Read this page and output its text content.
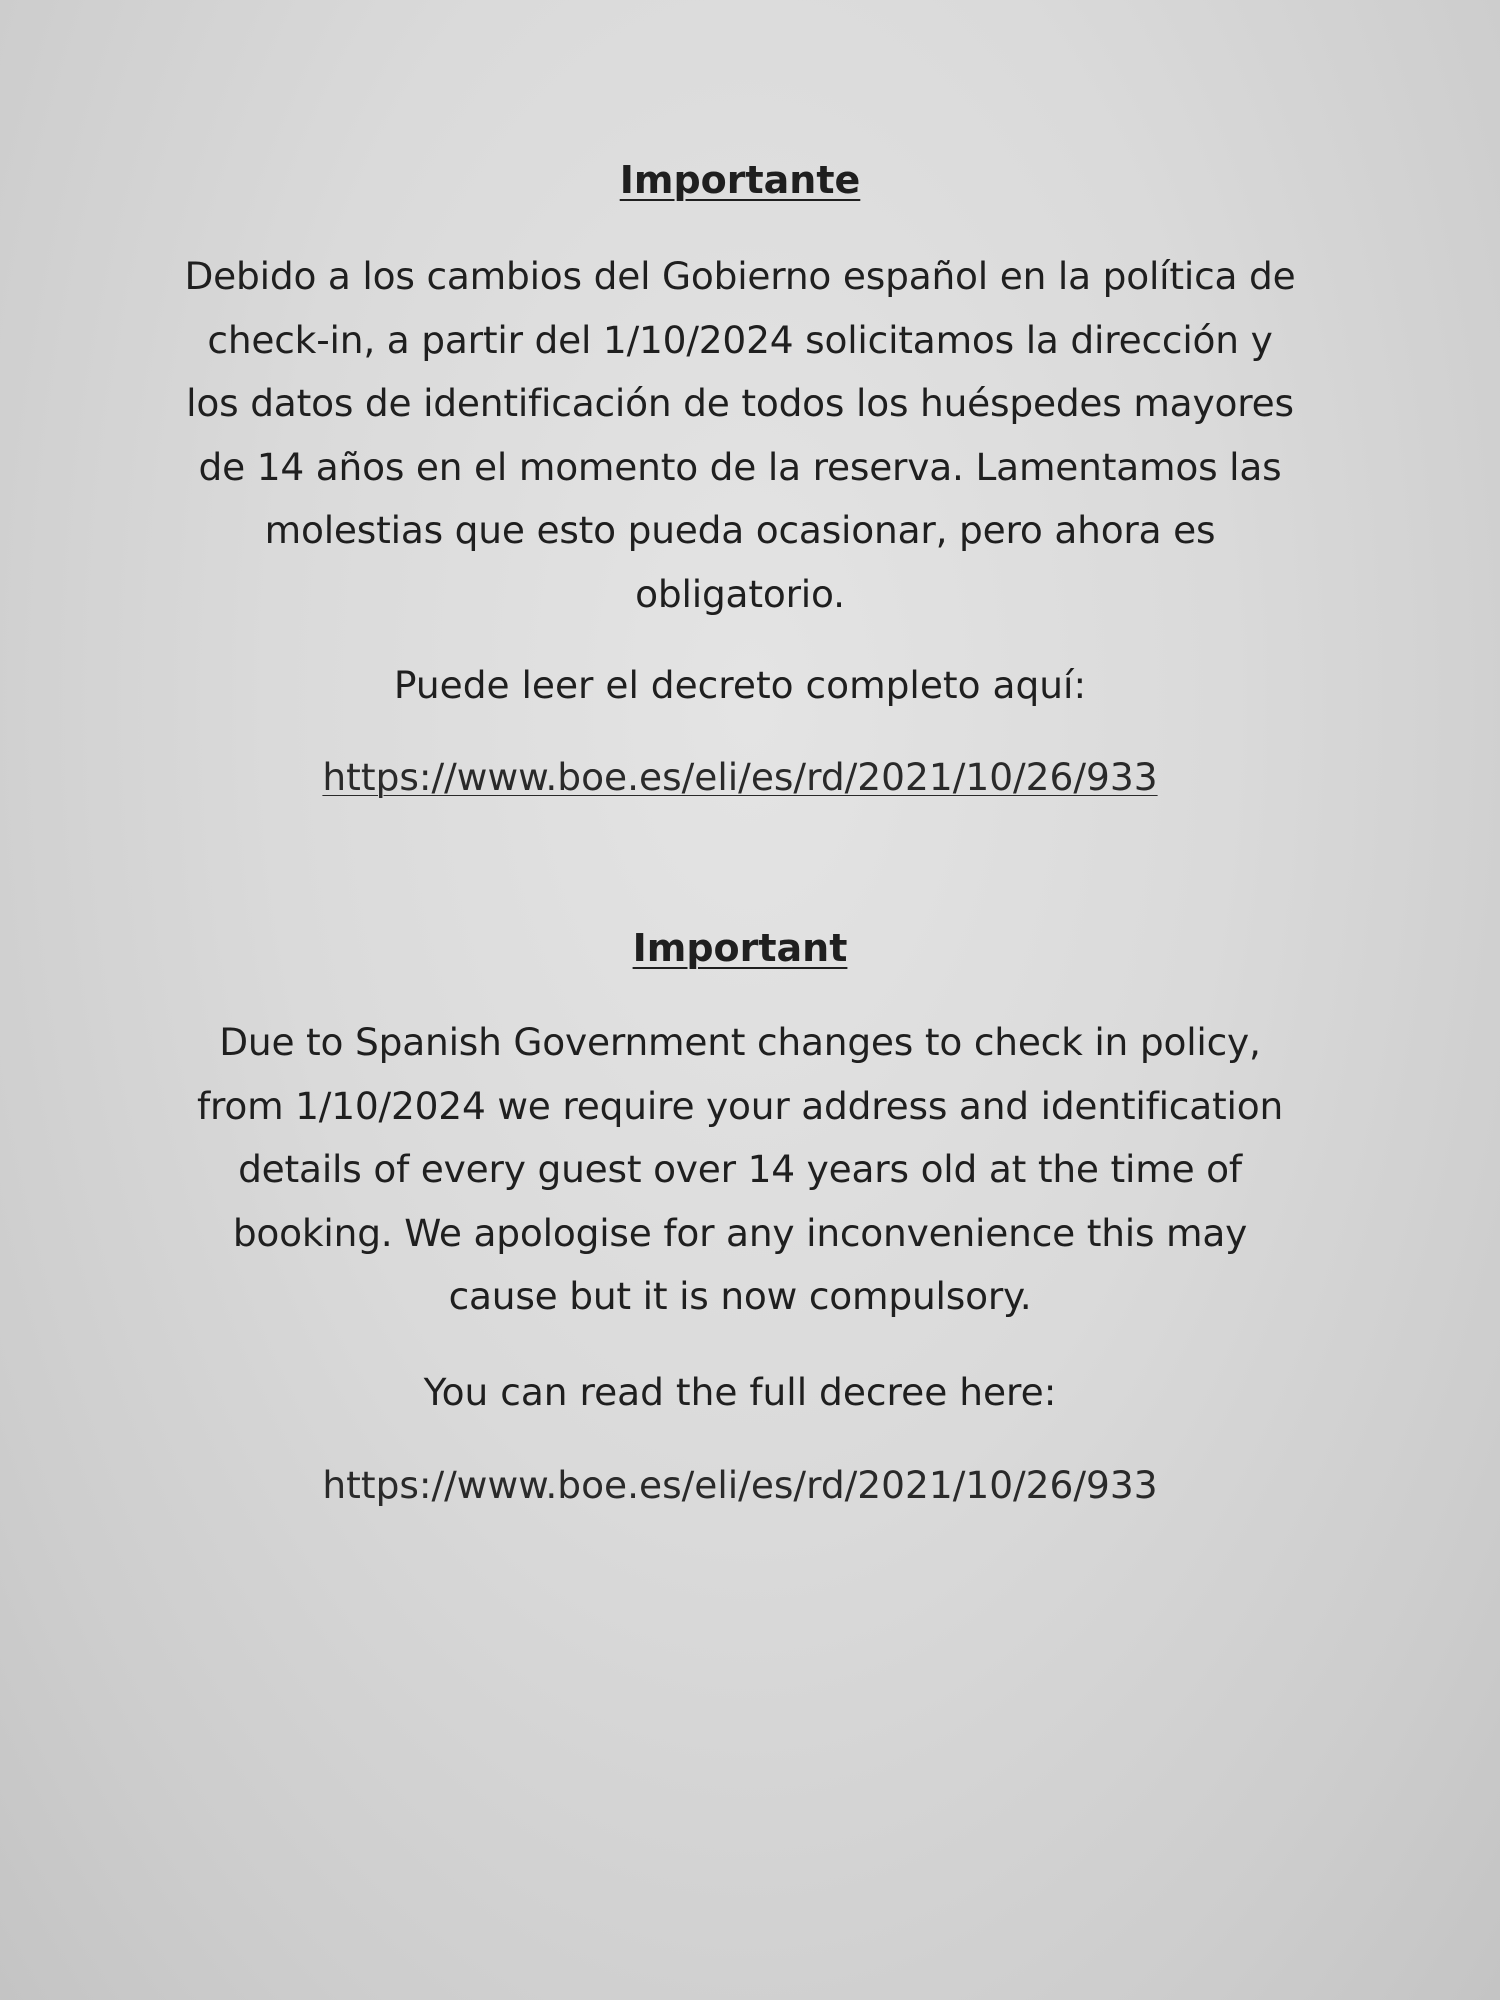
Importante

Debido a los cambios del Gobierno español en la política de

check-in, a partir del 1/10/2024 solicitamos la dirección y

los datos de identificación de todos los huéspedes mayores

de 14 años en el momento de la reserva. Lamentamos las

molestias que esto pueda ocasionar, pero ahora es

obligatorio.

Puede leer el decreto completo aquí:

https://www.boe.es/eli/es/rd/2021/10/26/933

Important

Due to Spanish Government changes to check in policy,

from 1/10/2024 we require your address and identification

details of every guest over 14 years old at the time of

booking. We apologise for any inconvenience this may

cause but it is now compulsory.

You can read the full decree here:

https://www.boe.es/eli/es/rd/2021/10/26/933
